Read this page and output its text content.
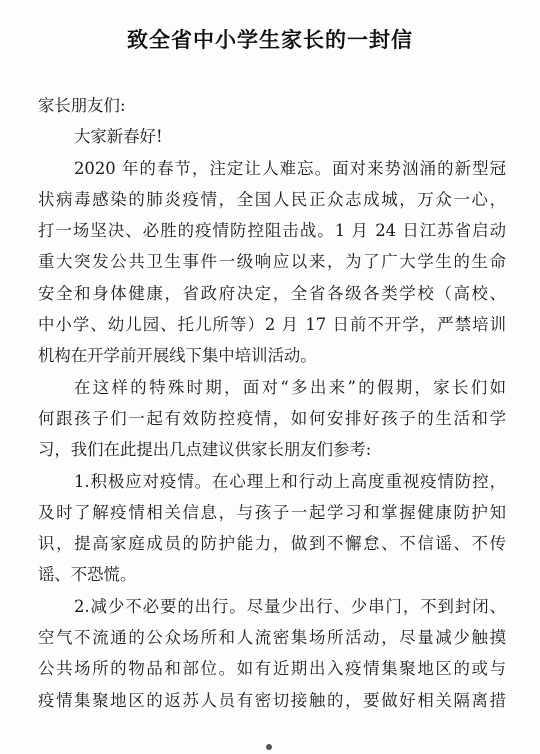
致全省中小学生家长的一封信
家长朋友们:
大家新春好!
2020 年的春节，注定让人难忘。面对来势汹涌的新型冠
状病毒感染的肺炎疫情，全国人民正众志成城，万众一心，
打一场坚决、必胜的疫情防控阻击战。1 月 24 日江苏省启动
重大突发公共卫生事件一级响应以来，为了广大学生的生命
安全和身体健康，省政府决定，全省各级各类学校（高校、
中小学、幼儿园、托儿所等）2 月 17 日前不开学，严禁培训
机构在开学前开展线下集中培训活动。
在这样的特殊时期，面对“多出来”的假期，家长们如
何跟孩子们一起有效防控疫情，如何安排好孩子的生活和学
习，我们在此提出几点建议供家长朋友们参考:
1.积极应对疫情。在心理上和行动上高度重视疫情防控，
及时了解疫情相关信息，与孩子一起学习和掌握健康防护知
识，提高家庭成员的防护能力，做到不懈怠、不信谣、不传
谣、不恐慌。
2.减少不必要的出行。尽量少出行、少串门，不到封闭、
空气不流通的公众场所和人流密集场所活动，尽量减少触摸
公共场所的物品和部位。如有近期出入疫情集聚地区的或与
疫情集聚地区的返苏人员有密切接触的，要做好相关隔离措
